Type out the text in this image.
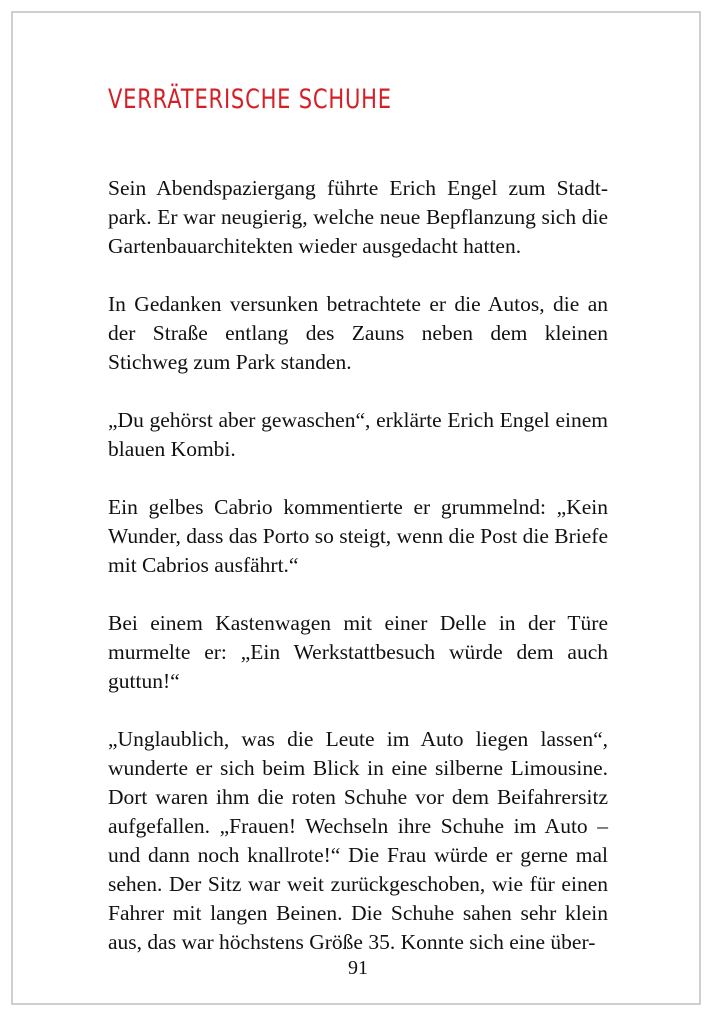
VERRÄTERISCHE SCHUHE

Sein Abendspaziergang führte Erich Engel zum Stadtpark. Er war neugierig, welche neue Bepflanzung sich die Gartenbauarchitekten wieder ausgedacht hatten.

In Gedanken versunken betrachtete er die Autos, die an der Straße entlang des Zauns neben dem kleinen Stichweg zum Park standen.

„Du gehörst aber gewaschen“, erklärte Erich Engel einem blauen Kombi.

Ein gelbes Cabrio kommentierte er grummelnd: „Kein Wunder, dass das Porto so steigt, wenn die Post die Briefe mit Cabrios ausfährt.“

Bei einem Kastenwagen mit einer Delle in der Türe murmelte er: „Ein Werkstattbesuch würde dem auch guttun!“

„Unglaublich, was die Leute im Auto liegen lassen“, wunderte er sich beim Blick in eine silberne Limousine. Dort waren ihm die roten Schuhe vor dem Beifahrersitz aufgefallen. „Frauen! Wechseln ihre Schuhe im Auto – und dann noch knallrote!“ Die Frau würde er gerne mal sehen. Der Sitz war weit zurückgeschoben, wie für einen Fahrer mit langen Beinen. Die Schuhe sahen sehr klein aus, das war höchstens Größe 35. Konnte sich eine über-

91
